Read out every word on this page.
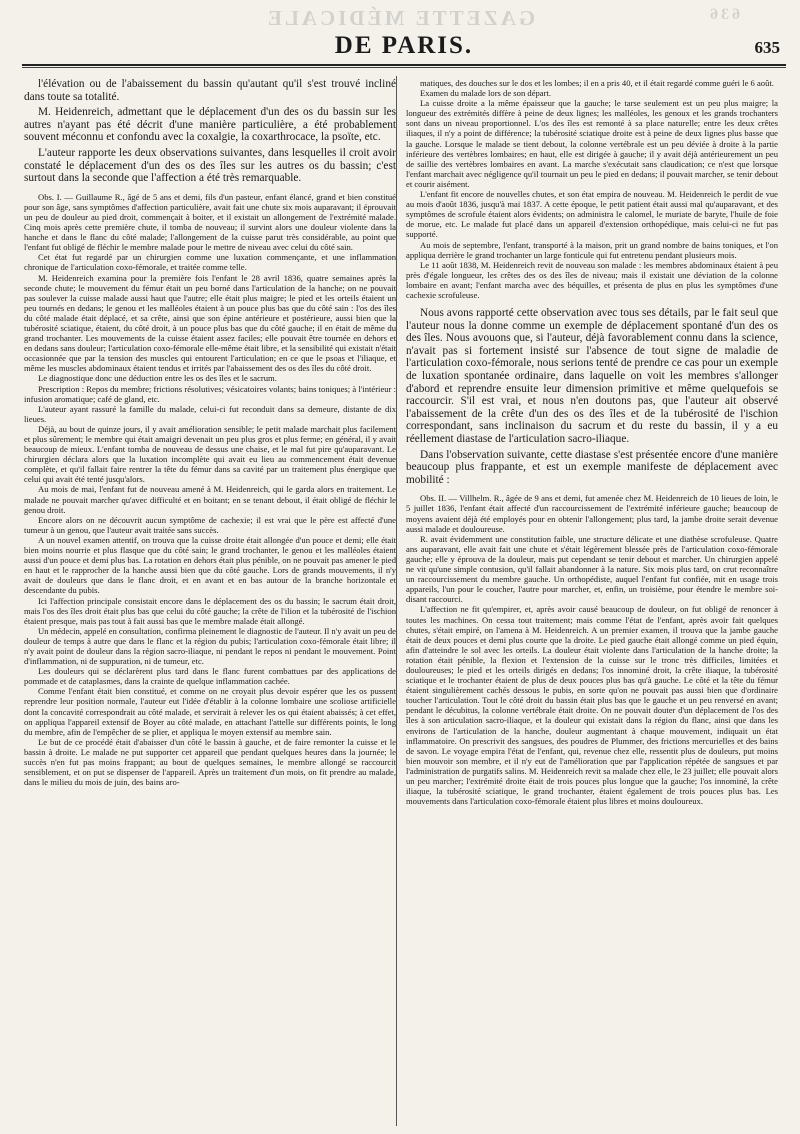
GAZETTE MÉDICALE	636
DE PARIS.	635

l'élévation ou de l'abaissement du bassin qu'autant qu'il s'est trouvé incliné dans toute sa totalité.

M. Heidenreich, admettant que le déplacement d'un des os du bassin sur les autres n'ayant pas été décrit d'une manière particulière, a été probablement souvent méconnu et confondu avec la coxalgie, la coxarthrocace, la psoïte, etc.

L'auteur rapporte les deux observations suivantes, dans lesquelles il croit avoir constaté le déplacement d'un des os des îles sur les autres os du bassin; c'est surtout dans la seconde que l'affection a été très remarquable.

Obs. I. — Guillaume R., âgé de 5 ans et demi, fils d'un pasteur, enfant élancé, grand et bien constitué pour son âge, sans symptômes d'affection particulière, avait fait une chute six mois auparavant; il éprouvait un peu de douleur au pied droit, commençait à boiter, et il existait un allongement de l'extrémité malade. Cinq mois après cette première chute, il tomba de nouveau; il survint alors une douleur violente dans la hanche et dans le flanc du côté malade; l'allongement de la cuisse parut très considérable, au point que l'enfant fut obligé de fléchir le membre malade pour le mettre de niveau avec celui du côté sain.

Cet état fut regardé par un chirurgien comme une luxation commençante, et une inflammation chronique de l'articulation coxo-fémorale, et traitée comme telle.

M. Heidenreich examina pour la première fois l'enfant le 28 avril 1836, quatre semaines après la seconde chute; le mouvement du fémur était un peu borné dans l'articulation de la hanche; on ne pouvait pas soulever la cuisse malade aussi haut que l'autre; elle était plus maigre; le pied et les orteils étaient un peu tournés en dedans; le genou et les malléoles étaient à un pouce plus bas que du côté sain : l'os des îles du côté malade était déplacé, et sa crête, ainsi que son épine antérieure et postérieure, aussi bien que la tubérosité sciatique, étaient, du côté droit, à un pouce plus bas que du côté gauche; il en était de même du grand trochanter. Les mouvements de la cuisse étaient assez faciles; elle pouvait être tournée en dehors et en dedans sans douleur; l'articulation coxo-fémorale elle-même était libre, et la sensibilité qui existait n'était occasionnée que par la tension des muscles qui entourent l'articulation; en ce que le psoas et l'iliaque, et même les muscles abdominaux étaient tendus et irrités par l'abaissement des os des îles du côté droit.

Le diagnostique donc une déduction entre les os des îles et le sacrum.

Prescription : Repos du membre; frictions résolutives; vésicatoires volants; bains toniques; à l'intérieur : infusion aromatique; café de gland, etc.

L'auteur ayant rassuré la famille du malade, celui-ci fut reconduit dans sa demeure, distante de dix lieues.

Déjà, au bout de quinze jours, il y avait amélioration sensible; le petit malade marchait plus facilement et plus sûrement; le membre qui était amaigri devenait un peu plus gros et plus ferme; en général, il y avait beaucoup de mieux. L'enfant tomba de nouveau de dessus une chaise, et le mal fut pire qu'auparavant. Le chirurgien déclara alors que la luxation incomplète qui avait eu lieu au commencement était devenue complète, et qu'il fallait faire rentrer la tête du fémur dans sa cavité par un traitement plus énergique que celui qui avait été tenté jusqu'alors.

Au mois de mai, l'enfant fut de nouveau amené à M. Heidenreich, qui le garda alors en traitement. Le malade ne pouvait marcher qu'avec difficulté et en boitant; en se tenant debout, il était obligé de fléchir le genou droit.

Encore alors on ne découvrit aucun symptôme de cachexie; il est vrai que le père est affecté d'une tumeur à un genou, que l'auteur avait traitée sans succès.

A un nouvel examen attentif, on trouva que la cuisse droite était allongée d'un pouce et demi; elle était bien moins nourrie et plus flasque que du côté sain; le grand trochanter, le genou et les malléoles étaient aussi d'un pouce et demi plus bas. La rotation en dehors était plus pénible, on ne pouvait pas amener le pied en haut et le rapprocher de la hanche aussi bien que du côté gauche. Lors de grands mouvements, il n'y avait de douleurs que dans le flanc droit, et en avant et en bas autour de la branche horizontale et descendante du pubis.

Ici l'affection principale consistait encore dans le déplacement des os du bassin; le sacrum était droit, mais l'os des îles droit était plus bas que celui du côté gauche; la crête de l'ilion et la tubérosité de l'ischion étaient presque, mais pas tout à fait aussi bas que le membre malade était allongé.

Un médecin, appelé en consultation, confirma pleinement le diagnostic de l'auteur. Il n'y avait un peu de douleur de temps à autre que dans le flanc et la région du pubis; l'articulation coxo-fémorale était libre; il n'y avait point de douleur dans la région sacro-iliaque, ni pendant le repos ni pendant le mouvement. Point d'inflammation, ni de suppuration, ni de tumeur, etc.

Les douleurs qui se déclarèrent plus tard dans le flanc furent combattues par des applications de pommade et de cataplasmes, dans la crainte de quelque inflammation cachée.

Comme l'enfant était bien constitué, et comme on ne croyait plus devoir espérer que les os pussent reprendre leur position normale, l'auteur eut l'idée d'établir à la colonne lombaire une scoliose artificielle dont la concavité correspondrait au côté malade, et servirait à relever les os qui étaient abaissés; à cet effet, on appliqua l'appareil extensif de Boyer au côté malade, en attachant l'attelle sur différents points, le long du membre, afin de l'empêcher de se plier, et appliqua le moyen extensif au membre sain.

Le but de ce procédé était d'abaisser d'un côté le bassin à gauche, et de faire remonter la cuisse et le bassin à droite. Le malade ne put supporter cet appareil que pendant quelques heures dans la journée; le succès n'en fut pas moins frappant; au bout de quelques semaines, le membre allongé se raccourcit sensiblement, et on put se dispenser de l'appareil. Après un traitement d'un mois, on fit prendre au malade, dans le milieu du mois de juin, des bains aro-

matiques, des douches sur le dos et les lombes; il en a pris 40, et il était regardé comme guéri le 6 août.

Examen du malade lors de son départ.

La cuisse droite a la même épaisseur que la gauche; le tarse seulement est un peu plus maigre; la longueur des extrémités diffère à peine de deux lignes; les malléoles, les genoux et les grands trochanters sont dans un niveau proportionnel. L'os des îles est remonté à sa place naturelle; entre les deux crêtes iliaques, il n'y a point de différence; la tubérosité sciatique droite est à peine de deux lignes plus basse que la gauche. Lorsque le malade se tient debout, la colonne vertébrale est un peu déviée à droite à la partie inférieure des vertèbres lombaires; en haut, elle est dirigée à gauche; il y avait déjà antérieurement un peu de saillie des vertèbres lombaires en avant. La marche s'exécutait sans claudication; ce n'est que lorsque l'enfant marchait avec négligence qu'il tournait un peu le pied en dedans; il pouvait marcher, se tenir debout et courir aisément.

L'enfant fit encore de nouvelles chutes, et son état empira de nouveau. M. Heidenreich le perdit de vue au mois d'août 1836, jusqu'à mai 1837. A cette époque, le petit patient était aussi mal qu'auparavant, et des symptômes de scrofule étaient alors évidents; on administra le calomel, le muriate de baryte, l'huile de foie de morue, etc. Le malade fut placé dans un appareil d'extension orthopédique, mais celui-ci ne fut pas supporté.

Au mois de septembre, l'enfant, transporté à la maison, prit un grand nombre de bains toniques, et l'on appliqua derrière le grand trochanter un large fonticule qui fut entretenu pendant plusieurs mois.

Le 11 août 1838, M. Heidenreich revit de nouveau son malade : les membres abdominaux étaient à peu près d'égale longueur, les crêtes des os des îles de niveau; mais il existait une déviation de la colonne lombaire en avant; l'enfant marcha avec des béquilles, et présenta de plus en plus les symptômes d'une cachexie scrofuleuse.

Nous avons rapporté cette observation avec tous ses détails, par le fait seul que l'auteur nous la donne comme un exemple de déplacement spontané d'un des os des îles. Nous avouons que, si l'auteur, déjà favorablement connu dans la science, n'avait pas si fortement insisté sur l'absence de tout signe de maladie de l'articulation coxo-fémorale, nous serions tenté de prendre ce cas pour un exemple de luxation spontanée ordinaire, dans laquelle on voit les membres s'allonger d'abord et reprendre ensuite leur dimension primitive et même quelquefois se raccourcir. S'il est vrai, et nous n'en doutons pas, que l'auteur ait observé l'abaissement de la crête d'un des os des îles et de la tubérosité de l'ischion correspondant, sans inclinaison du sacrum et du reste du bassin, il y a eu réellement diastase de l'articulation sacro-iliaque.

Dans l'observation suivante, cette diastase s'est présentée encore d'une manière beaucoup plus frappante, et est un exemple manifeste de déplacement avec mobilité :

Obs. II. — Villhelm. R., âgée de 9 ans et demi, fut amenée chez M. Heidenreich de 10 lieues de loin, le 5 juillet 1836, l'enfant était affecté d'un raccourcissement de l'extrémité inférieure gauche; beaucoup de moyens avaient déjà été employés pour en obtenir l'allongement; plus tard, la jambe droite serait devenue aussi malade et douloureuse.

R. avait évidemment une constitution faible, une structure délicate et une diathèse scrofuleuse. Quatre ans auparavant, elle avait fait une chute et s'était légèrement blessée près de l'articulation coxo-fémorale gauche; elle y éprouva de la douleur, mais put cependant se tenir debout et marcher. Un chirurgien appelé ne vit qu'une simple contusion, qu'il fallait abandonner à la nature. Six mois plus tard, on crut reconnaître un raccourcissement du membre gauche. Un orthopédiste, auquel l'enfant fut confiée, mit en usage trois appareils, l'un pour le coucher, l'autre pour marcher, et, enfin, un troisième, pour étendre le membre soi-disant raccourci.

L'affection ne fit qu'empirer, et, après avoir causé beaucoup de douleur, on fut obligé de renoncer à toutes les machines. On cessa tout traitement; mais comme l'état de l'enfant, après avoir fait quelques chutes, s'était empiré, on l'amena à M. Heidenreich. A un premier examen, il trouva que la jambe gauche était de deux pouces et demi plus courte que la droite. Le pied gauche était allongé comme un pied équin, afin d'atteindre le sol avec les orteils. La douleur était violente dans l'articulation de la hanche droite; la rotation était pénible, la flexion et l'extension de la cuisse sur le tronc très difficiles, limitées et douloureuses; le pied et les orteils dirigés en dedans; l'os innominé droit, la crête iliaque, la tubérosité sciatique et le trochanter étaient de plus de deux pouces plus bas qu'à gauche. Le côté et la tête du fémur étaient singulièrement cachés dessous le pubis, en sorte qu'on ne pouvait pas aussi bien que d'ordinaire toucher l'articulation. Tout le côté droit du bassin était plus bas que le gauche et un peu renversé en avant; pendant le décubitus, la colonne vertébrale était droite. On ne pouvait douter d'un déplacement de l'os des îles à son articulation sacro-iliaque, et la douleur qui existait dans la région du flanc, ainsi que dans les environs de l'articulation de la hanche, douleur augmentant à chaque mouvement, indiquait un état inflammatoire. On prescrivit des sangsues, des poudres de Plummer, des frictions mercurielles et des bains de savon. Le voyage empira l'état de l'enfant, qui, revenue chez elle, ressentit plus de douleurs, put moins bien mouvoir son membre, et il n'y eut de l'amélioration que par l'application répétée de sangsues et par l'administration de purgatifs salins. M. Heidenreich revit sa malade chez elle, le 23 juillet; elle pouvait alors un peu marcher; l'extrémité droite était de trois pouces plus longue que la gauche; l'os innominé, la crête iliaque, la tubérosité sciatique, le grand trochanter, étaient également de trois pouces plus bas. Les mouvements dans l'articulation coxo-fémorale étaient plus libres et moins douloureux.
